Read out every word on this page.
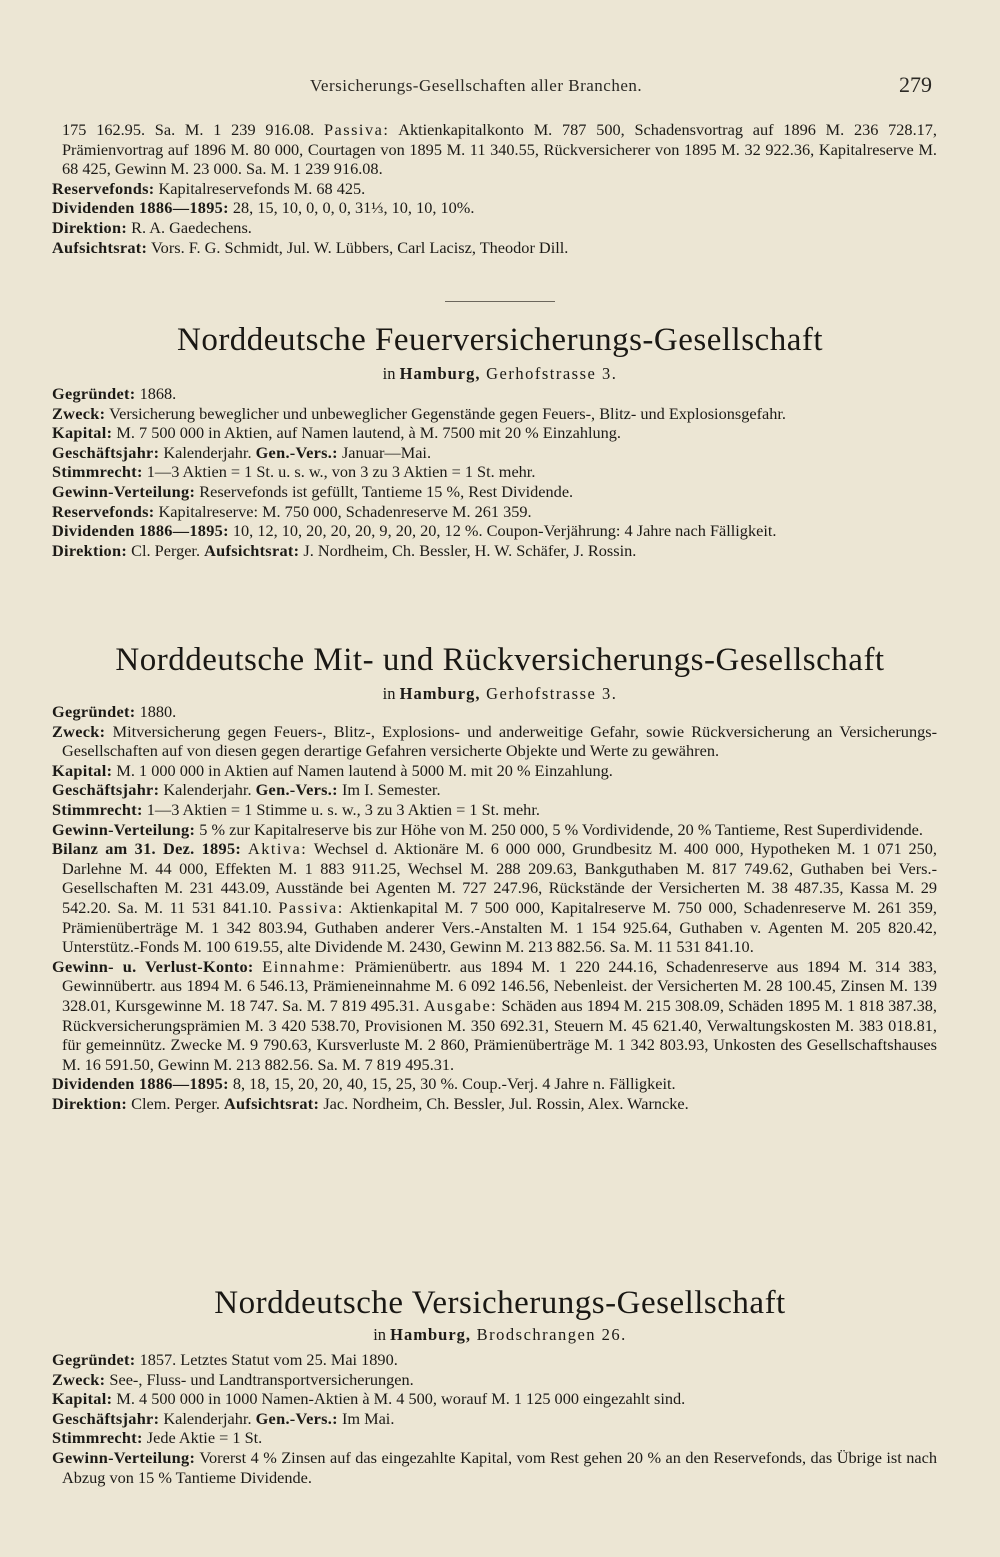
Versicherungs-Gesellschaften aller Branchen.	279

175 162.95. Sa. M. 1 239 916.08. Passiva: Aktienkapitalkonto M. 787 500, Schadensvortrag auf 1896 M. 236 728.17, Prämienvortrag auf 1896 M. 80 000, Courtagen von 1895 M. 11 340.55, Rückversicherer von 1895 M. 32 922.36, Kapitalreserve M. 68 425, Gewinn M. 23 000. Sa. M. 1 239 916.08.

Reservefonds: Kapitalreservefonds M. 68 425.

Dividenden 1886—1895: 28, 15, 10, 0, 0, 0, 31⅓, 10, 10, 10%.

Direktion: R. A. Gaedechens.

Aufsichtsrat: Vors. F. G. Schmidt, Jul. W. Lübbers, Carl Lacisz, Theodor Dill.

Norddeutsche Feuerversicherungs-Gesellschaft
in Hamburg, Gerhofstrasse 3.

Gegründet: 1868.

Zweck: Versicherung beweglicher und unbeweglicher Gegenstände gegen Feuers-, Blitz- und Explosionsgefahr.

Kapital: M. 7 500 000 in Aktien, auf Namen lautend, à M. 7500 mit 20 % Einzahlung.

Geschäftsjahr: Kalenderjahr. Gen.-Vers.: Januar—Mai.

Stimmrecht: 1—3 Aktien = 1 St. u. s. w., von 3 zu 3 Aktien = 1 St. mehr.

Gewinn-Verteilung: Reservefonds ist gefüllt, Tantieme 15 %, Rest Dividende.

Reservefonds: Kapitalreserve: M. 750 000, Schadenreserve M. 261 359.

Dividenden 1886—1895: 10, 12, 10, 20, 20, 20, 9, 20, 20, 12 %. Coupon-Verjährung: 4 Jahre nach Fälligkeit.

Direktion: Cl. Perger. Aufsichtsrat: J. Nordheim, Ch. Bessler, H. W. Schäfer, J. Rossin.

Norddeutsche Mit- und Rückversicherungs-Gesellschaft
in Hamburg, Gerhofstrasse 3.

Gegründet: 1880.

Zweck: Mitversicherung gegen Feuers-, Blitz-, Explosions- und anderweitige Gefahr, sowie Rückversicherung an Versicherungs-Gesellschaften auf von diesen gegen derartige Gefahren versicherte Objekte und Werte zu gewähren.

Kapital: M. 1 000 000 in Aktien auf Namen lautend à 5000 M. mit 20 % Einzahlung.

Geschäftsjahr: Kalenderjahr. Gen.-Vers.: Im I. Semester.

Stimmrecht: 1—3 Aktien = 1 Stimme u. s. w., 3 zu 3 Aktien = 1 St. mehr.

Gewinn-Verteilung: 5 % zur Kapitalreserve bis zur Höhe von M. 250 000, 5 % Vordividende, 20 % Tantieme, Rest Superdividende.

Bilanz am 31. Dez. 1895: Aktiva: Wechsel d. Aktionäre M. 6 000 000, Grundbesitz M. 400 000, Hypotheken M. 1 071 250, Darlehne M. 44 000, Effekten M. 1 883 911.25, Wechsel M. 288 209.63, Bankguthaben M. 817 749.62, Guthaben bei Vers.-Gesellschaften M. 231 443.09, Ausstände bei Agenten M. 727 247.96, Rückstände der Versicherten M. 38 487.35, Kassa M. 29 542.20. Sa. M. 11 531 841.10. Passiva: Aktienkapital M. 7 500 000, Kapitalreserve M. 750 000, Schadenreserve M. 261 359, Prämienüberträge M. 1 342 803.94, Guthaben anderer Vers.-Anstalten M. 1 154 925.64, Guthaben v. Agenten M. 205 820.42, Unterstütz.-Fonds M. 100 619.55, alte Dividende M. 2430, Gewinn M. 213 882.56. Sa. M. 11 531 841.10.

Gewinn- u. Verlust-Konto: Einnahme: Prämienübertr. aus 1894 M. 1 220 244.16, Schadenreserve aus 1894 M. 314 383, Gewinnübertr. aus 1894 M. 6 546.13, Prämieneinnahme M. 6 092 146.56, Nebenleist. der Versicherten M. 28 100.45, Zinsen M. 139 328.01, Kursgewinne M. 18 747. Sa. M. 7 819 495.31. Ausgabe: Schäden aus 1894 M. 215 308.09, Schäden 1895 M. 1 818 387.38, Rückversicherungsprämien M. 3 420 538.70, Provisionen M. 350 692.31, Steuern M. 45 621.40, Verwaltungskosten M. 383 018.81, für gemeinnütz. Zwecke M. 9 790.63, Kursverluste M. 2 860, Prämienüberträge M. 1 342 803.93, Unkosten des Gesellschaftshauses M. 16 591.50, Gewinn M. 213 882.56. Sa. M. 7 819 495.31.

Dividenden 1886—1895: 8, 18, 15, 20, 20, 40, 15, 25, 30 %. Coup.-Verj. 4 Jahre n. Fälligkeit.

Direktion: Clem. Perger. Aufsichtsrat: Jac. Nordheim, Ch. Bessler, Jul. Rossin, Alex. Warncke.

Norddeutsche Versicherungs-Gesellschaft
in Hamburg, Brodschrangen 26.

Gegründet: 1857. Letztes Statut vom 25. Mai 1890.

Zweck: See-, Fluss- und Landtransportversicherungen.

Kapital: M. 4 500 000 in 1000 Namen-Aktien à M. 4 500, worauf M. 1 125 000 eingezahlt sind.

Geschäftsjahr: Kalenderjahr. Gen.-Vers.: Im Mai.

Stimmrecht: Jede Aktie = 1 St.

Gewinn-Verteilung: Vorerst 4 % Zinsen auf das eingezahlte Kapital, vom Rest gehen 20 % an den Reservefonds, das Übrige ist nach Abzug von 15 % Tantieme Dividende.
